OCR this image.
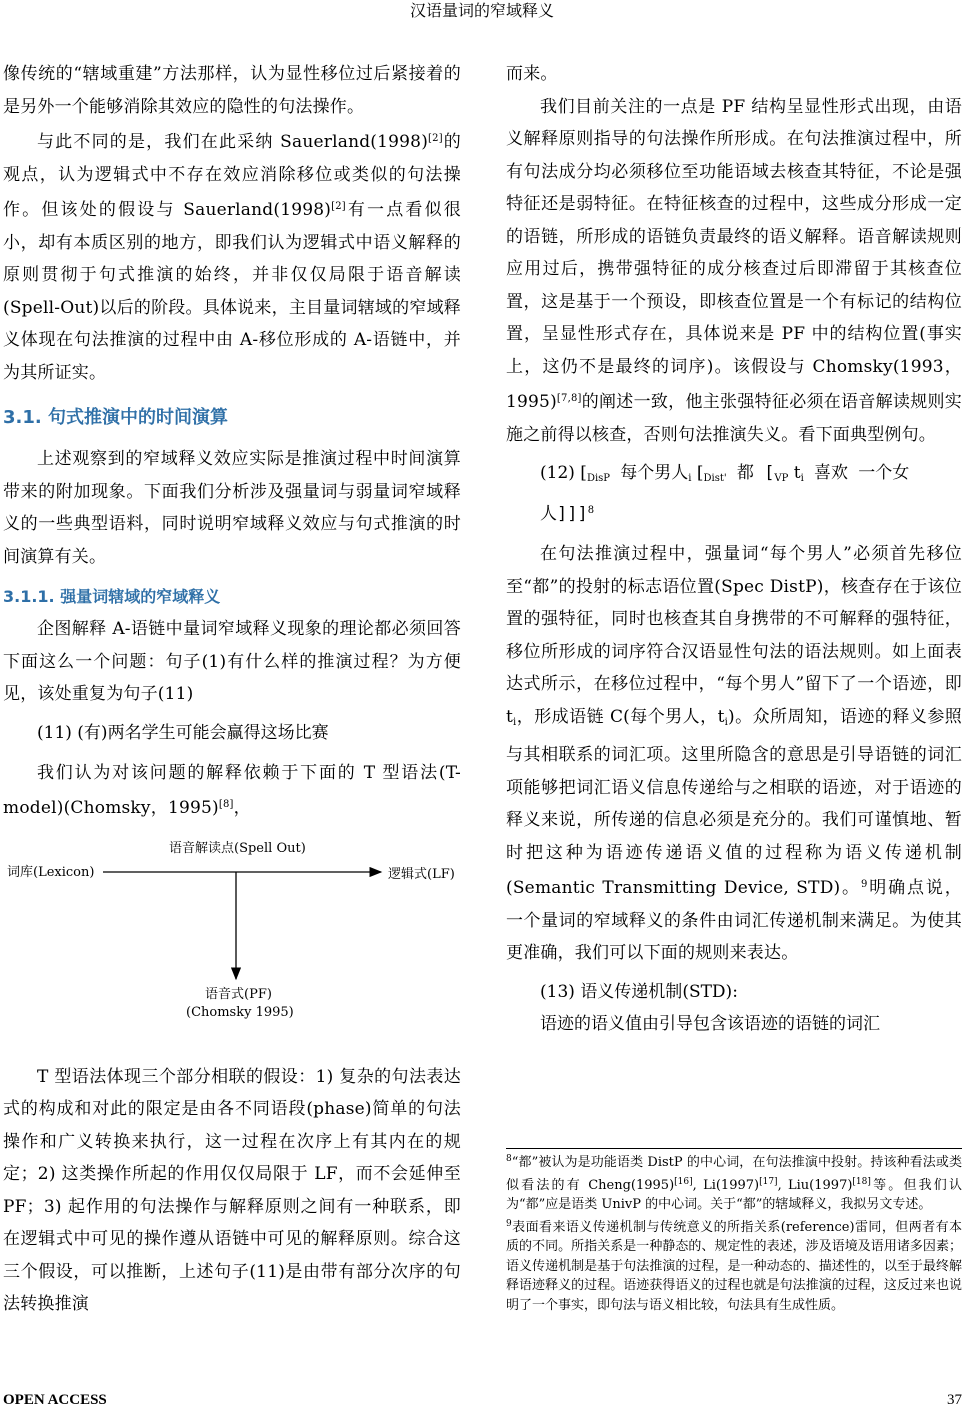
汉语量词的窄域释义

像传统的“辖域重建”方法那样，认为显性移位过后紧接着的是另外一个能够消除其效应的隐性的句法操作。

与此不同的是，我们在此采纳 Sauerland(1998)[2]的观点，认为逻辑式中不存在效应消除移位或类似的句法操作。但该处的假设与 Sauerland(1998)[2]有一点看似很小，却有本质区别的地方，即我们认为逻辑式中语义解释的原则贯彻于句式推演的始终，并非仅仅局限于语音解读(Spell-Out)以后的阶段。具体说来，主目量词辖域的窄域释义体现在句法推演的过程中由 A-移位形成的 A-语链中，并为其所证实。

3.1. 句式推演中的时间演算

上述观察到的窄域释义效应实际是推演过程中时间演算带来的附加现象。下面我们分析涉及强量词与弱量词窄域释义的一些典型语料，同时说明窄域释义效应与句式推演的时间演算有关。

3.1.1. 强量词辖域的窄域释义

企图解释 A-语链中量词窄域释义现象的理论都必须回答下面这么一个问题：句子(1)有什么样的推演过程？为方便见，该处重复为句子(11)

(11) (有)两名学生可能会赢得这场比赛

我们认为对该问题的解释依赖于下面的 T 型语法(T-model)(Chomsky，1995)[8]，

语音解读点(Spell Out)
词库(Lexicon)	逻辑式(LF)
语音式(PF)
(Chomsky 1995)

T 型语法体现三个部分相联的假设：1) 复杂的句法表达式的构成和对此的限定是由各不同语段(phase)简单的句法操作和广义转换来执行，这一过程在次序上有其内在的规定；2) 这类操作所起的作用仅仅局限于 LF，而不会延伸至 PF；3) 起作用的句法操作与解释原则之间有一种联系，即在逻辑式中可见的操作遵从语链中可见的解释原则。综合这三个假设，可以推断，上述句子(11)是由带有部分次序的句法转换推演

而来。

我们目前关注的一点是 PF 结构呈显性形式出现，由语义解释原则指导的句法操作所形成。在句法推演过程中，所有句法成分均必须移位至功能语域去核查其特征，不论是强特征还是弱特征。在特征核查的过程中，这些成分形成一定的语链，所形成的语链负责最终的语义解释。语音解读规则应用过后，携带强特征的成分核查过后即滞留于其核查位置，这是基于一个预设，即核查位置是一个有标记的结构位置，呈显性形式存在，具体说来是 PF 中的结构位置(事实上，这仍不是最终的词序)。该假设与 Chomsky(1993，1995)[7,8]的阐述一致，他主张强特征必须在语音解读规则实施之前得以核查，否则句法推演失义。看下面典型例句。

(12) [$_{DisP}$ 每个男人$_i$ [$_{Dist'}$ 都 [$_{VP}$ $t_i$ 喜欢 一个女人]]]$^8$

在句法推演过程中，强量词“每个男人”必须首先移位至“都”的投射的标志语位置(Spec DistP)，核查存在于该位置的强特征，同时也核查其自身携带的不可解释的强特征，移位所形成的词序符合汉语显性句法的语法规则。如上面表达式所示，在移位过程中，“每个男人”留下了一个语迹，即 $t_i$，形成语链 C(每个男人，$t_i$)。众所周知，语迹的释义参照与其相联系的词汇项。这里所隐含的意思是引导语链的词汇项能够把词汇语义信息传递给与之相联的语迹，对于语迹的释义来说，所传递的信息必须是充分的。我们可谨慎地、暂时把这种为语迹传递语义值的过程称为语义传递机制(Semantic Transmitting Device, STD)。$^9$明确点说，一个量词的窄域释义的条件由词汇传递机制来满足。为使其更准确，我们可以下面的规则来表达。

(13) 语义传递机制(STD):

语迹的语义值由引导包含该语迹的语链的词汇

$^8$“都”被认为是功能语类 DistP 的中心词，在句法推演中投射。持该种看法或类似看法的有 Cheng(1995)[16], Li(1997)[17], Liu(1997)[18]等。但我们认为“都”应是语类 UnivP 的中心词。关于“都”的辖域释义，我拟另文专述。

$^9$表面看来语义传递机制与传统意义的所指关系(reference)雷同，但两者有本质的不同。所指关系是一种静态的、规定性的表述，涉及语境及语用诸多因素；语义传递机制是基于句法推演的过程，是一种动态的、描述性的，以至于最终解释语迹释义的过程。语迹获得语义的过程也就是句法推演的过程，这反过来也说明了一个事实，即句法与语义相比较，句法具有生成性质。

OPEN ACCESS	37
